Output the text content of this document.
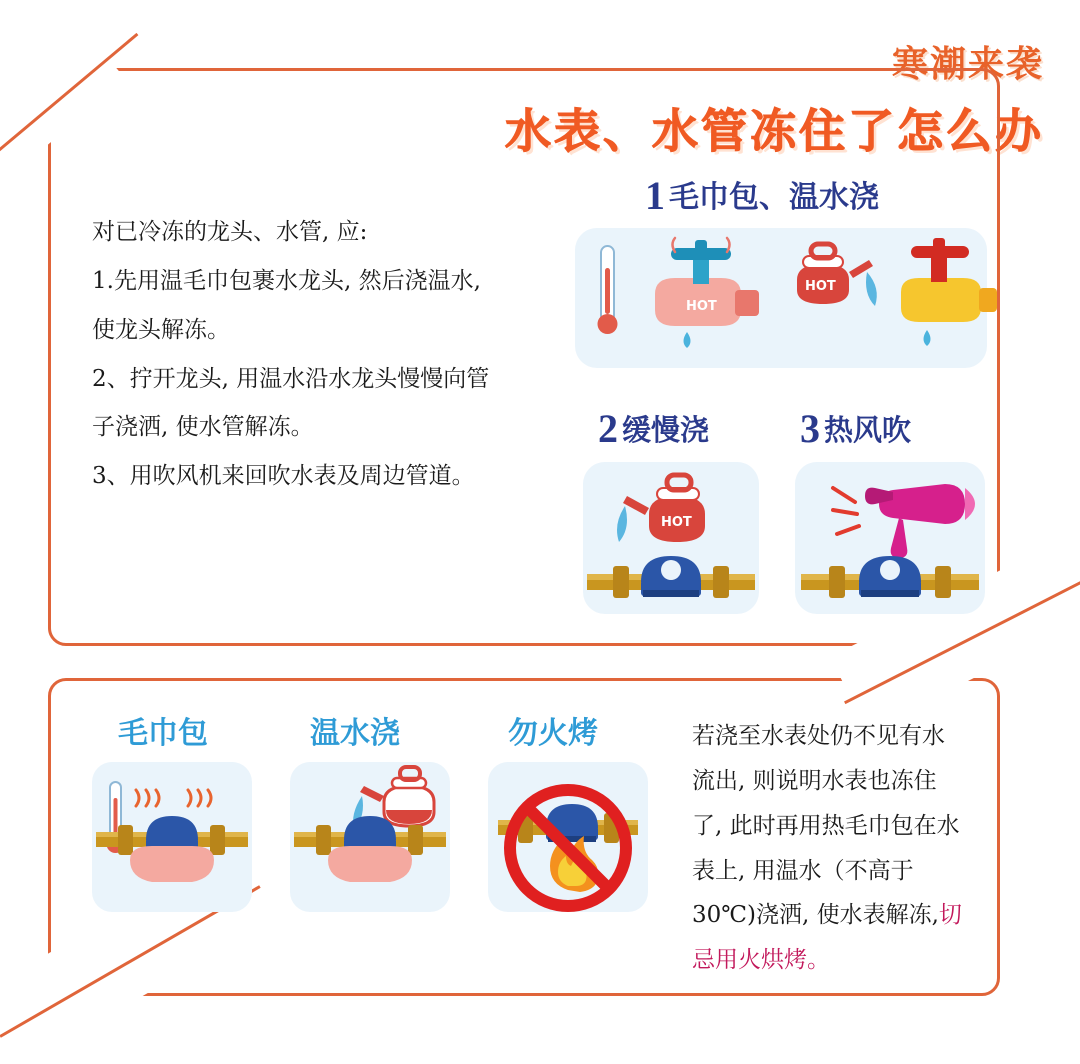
寒潮来袭
水表、水管冻住了怎么办

对已冷冻的龙头、水管, 应:

1.先用温毛巾包裹水龙头, 然后浇温水,

使龙头解冻。

2、拧开龙头, 用温水沿水龙头慢慢向管

子浇洒, 使水管解冻。

3、用吹风机来回吹水表及周边管道。

1 毛巾包、温水浇
HOT
HOT
2 缓慢浇
HOT
3 热风吹
毛巾包	温水浇	勿火烤	若浇至水表处仍不见有水
流出, 则说明水表也冻住
了, 此时再用热毛巾包在水
表上, 用温水（不高于
30℃)浇洒, 使水表解冻,切
忌用火烘烤。
